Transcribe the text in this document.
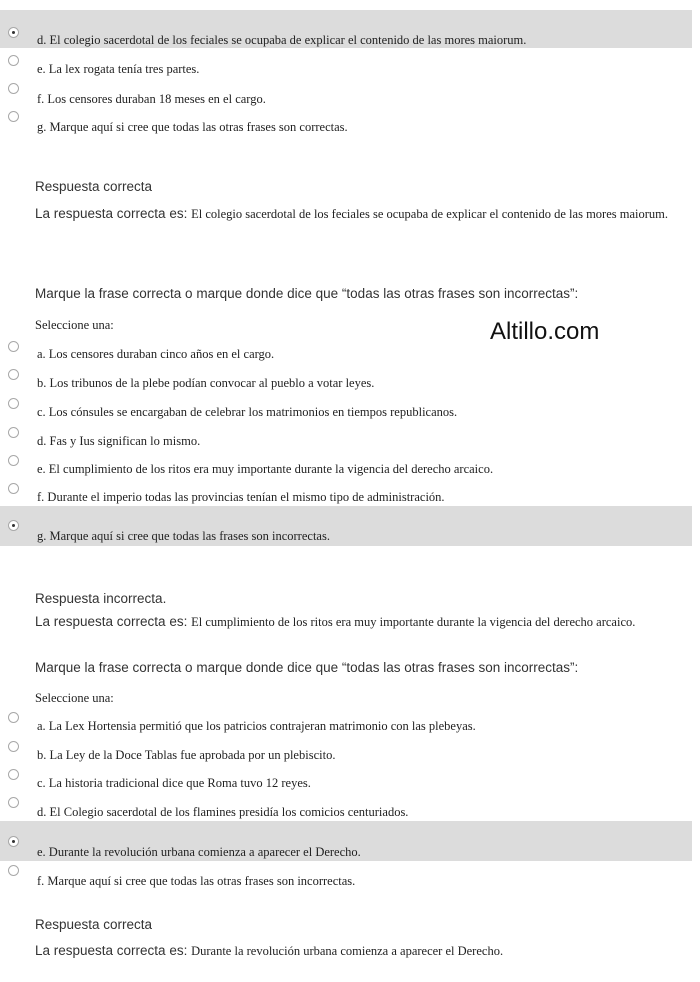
Altillo.com
d. El colegio sacerdotal de los feciales se ocupaba de explicar el contenido de las mores maiorum.
e. La lex rogata tenía tres partes.
f. Los censores duraban 18 meses en el cargo.
g. Marque aquí si cree que todas las otras frases son correctas.
Respuesta correcta
La respuesta correcta es: El colegio sacerdotal de los feciales se ocupaba de explicar el contenido de las mores maiorum.
Marque la frase correcta o marque donde dice que “todas las otras frases son incorrectas”:
Seleccione una:
a. Los censores duraban cinco años en el cargo.
b. Los tribunos de la plebe podían convocar al pueblo a votar leyes.
c. Los cónsules se encargaban de celebrar los matrimonios en tiempos republicanos.
d. Fas y Ius significan lo mismo.
e. El cumplimiento de los ritos era muy importante durante la vigencia del derecho arcaico.
f. Durante el imperio todas las provincias tenían el mismo tipo de administración.
g. Marque aquí si cree que todas las frases son incorrectas.
Respuesta incorrecta.
La respuesta correcta es: El cumplimiento de los ritos era muy importante durante la vigencia del derecho arcaico.
Marque la frase correcta o marque donde dice que “todas las otras frases son incorrectas”:
Seleccione una:
a. La Lex Hortensia permitió que los patricios contrajeran matrimonio con las plebeyas.
b. La Ley de la Doce Tablas fue aprobada por un plebiscito.
c. La historia tradicional dice que Roma tuvo 12 reyes.
d. El Colegio sacerdotal de los flamines presidía los comicios centuriados.
e. Durante la revolución urbana comienza a aparecer el Derecho.
f. Marque aquí si cree que todas las otras frases son incorrectas.
Respuesta correcta
La respuesta correcta es: Durante la revolución urbana comienza a aparecer el Derecho.
